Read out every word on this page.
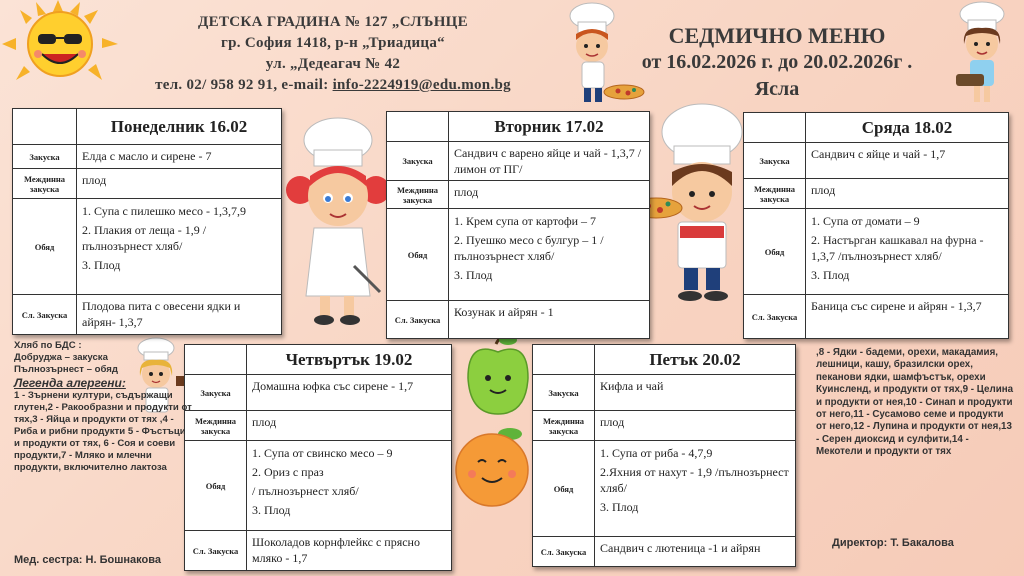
ДЕТСКА ГРАДИНА № 127 „СЛЪНЦЕ
гр. София 1418, р-н „Триадица“
ул. „Дедеагач № 42
тел. 02/ 958 92 91, e-mail: info-2224919@edu.mon.bg
СЕДМИЧНО МЕНЮ
от 16.02.2026 г. до 20.02.2026г .
Ясла
	Понеделник 16.02
Закуска	Елда с масло и сирене - 7
Междинна закуска	плод
Обяд	1. Супа с пилешко месо - 1,3,7,9

2. Плакия от леща - 1,9 /пълнозърнест хляб/

3. Плод

Сл. Закуска	Плодова пита с овесени ядки и айрян- 1,3,7
	Вторник 17.02
Закуска	Сандвич с варено яйце и чай - 1,3,7 /лимон от ПГ/
Междинна закуска	плод
Обяд	1. Крем супа от картофи – 7

2. Пуешко месо с булгур – 1 /пълнозърнест хляб/

3. Плод

Сл. Закуска	Козунак и айрян - 1
	Сряда 18.02
Закуска	Сандвич с яйце и чай - 1,7
Междинна закуска	плод
Обяд	1. Супа от домати – 9

2. Настърган кашкавал на фурна - 1,3,7 /пълнозърнест хляб/

3. Плод

Сл. Закуска	Баница със сирене и айрян - 1,3,7
	Четвъртък 19.02
Закуска	Домашна юфка със сирене - 1,7
Междинна закуска	плод
Обяд	1. Супа от свинско месо – 9

2. Ориз с праз

/ пълнозърнест хляб/

3. Плод

Сл. Закуска	Шоколадов корнфлейкс с прясно мляко - 1,7
	Петък 20.02
Закуска	Кифла и чай
Междинна закуска	плод
Обяд	1. Супа от риба - 4,7,9

2.Яхния от нахут - 1,9 /пълнозърнест хляб/

3. Плод

Сл. Закуска	Сандвич с лютеница -1 и айрян
Хляб по БДС :
Добруджа – закуска
Пълнозърнест – обяд
Легенда алергени:
1 - Зърнени култури, съдържащи глутен,2 - Ракообразни и продукти от тях,3 - Яйца и продукти от тях ,4 - Риба и рибни продукти 5 - Фъстъци и продукти от тях, 6 - Соя и соеви продукти,7 - Мляко и млечни продукти, включително лактоза
,8 - Ядки - бадеми, орехи, макадамия, лешници, кашу, бразилски орех, пеканови ядки, шамфъстък, орехи Куинсленд, и продукти от тях,9 - Целина и продукти от нея,10 - Синап и продукти от него,11 - Сусамово семе и продукти от него,12 - Лупина и продукти от нея,13 - Серен диоксид и сулфити,14 - Мекотели и продукти от тях
Мед. сестра: Н. Бошнакова
Директор: Т. Бакалова
